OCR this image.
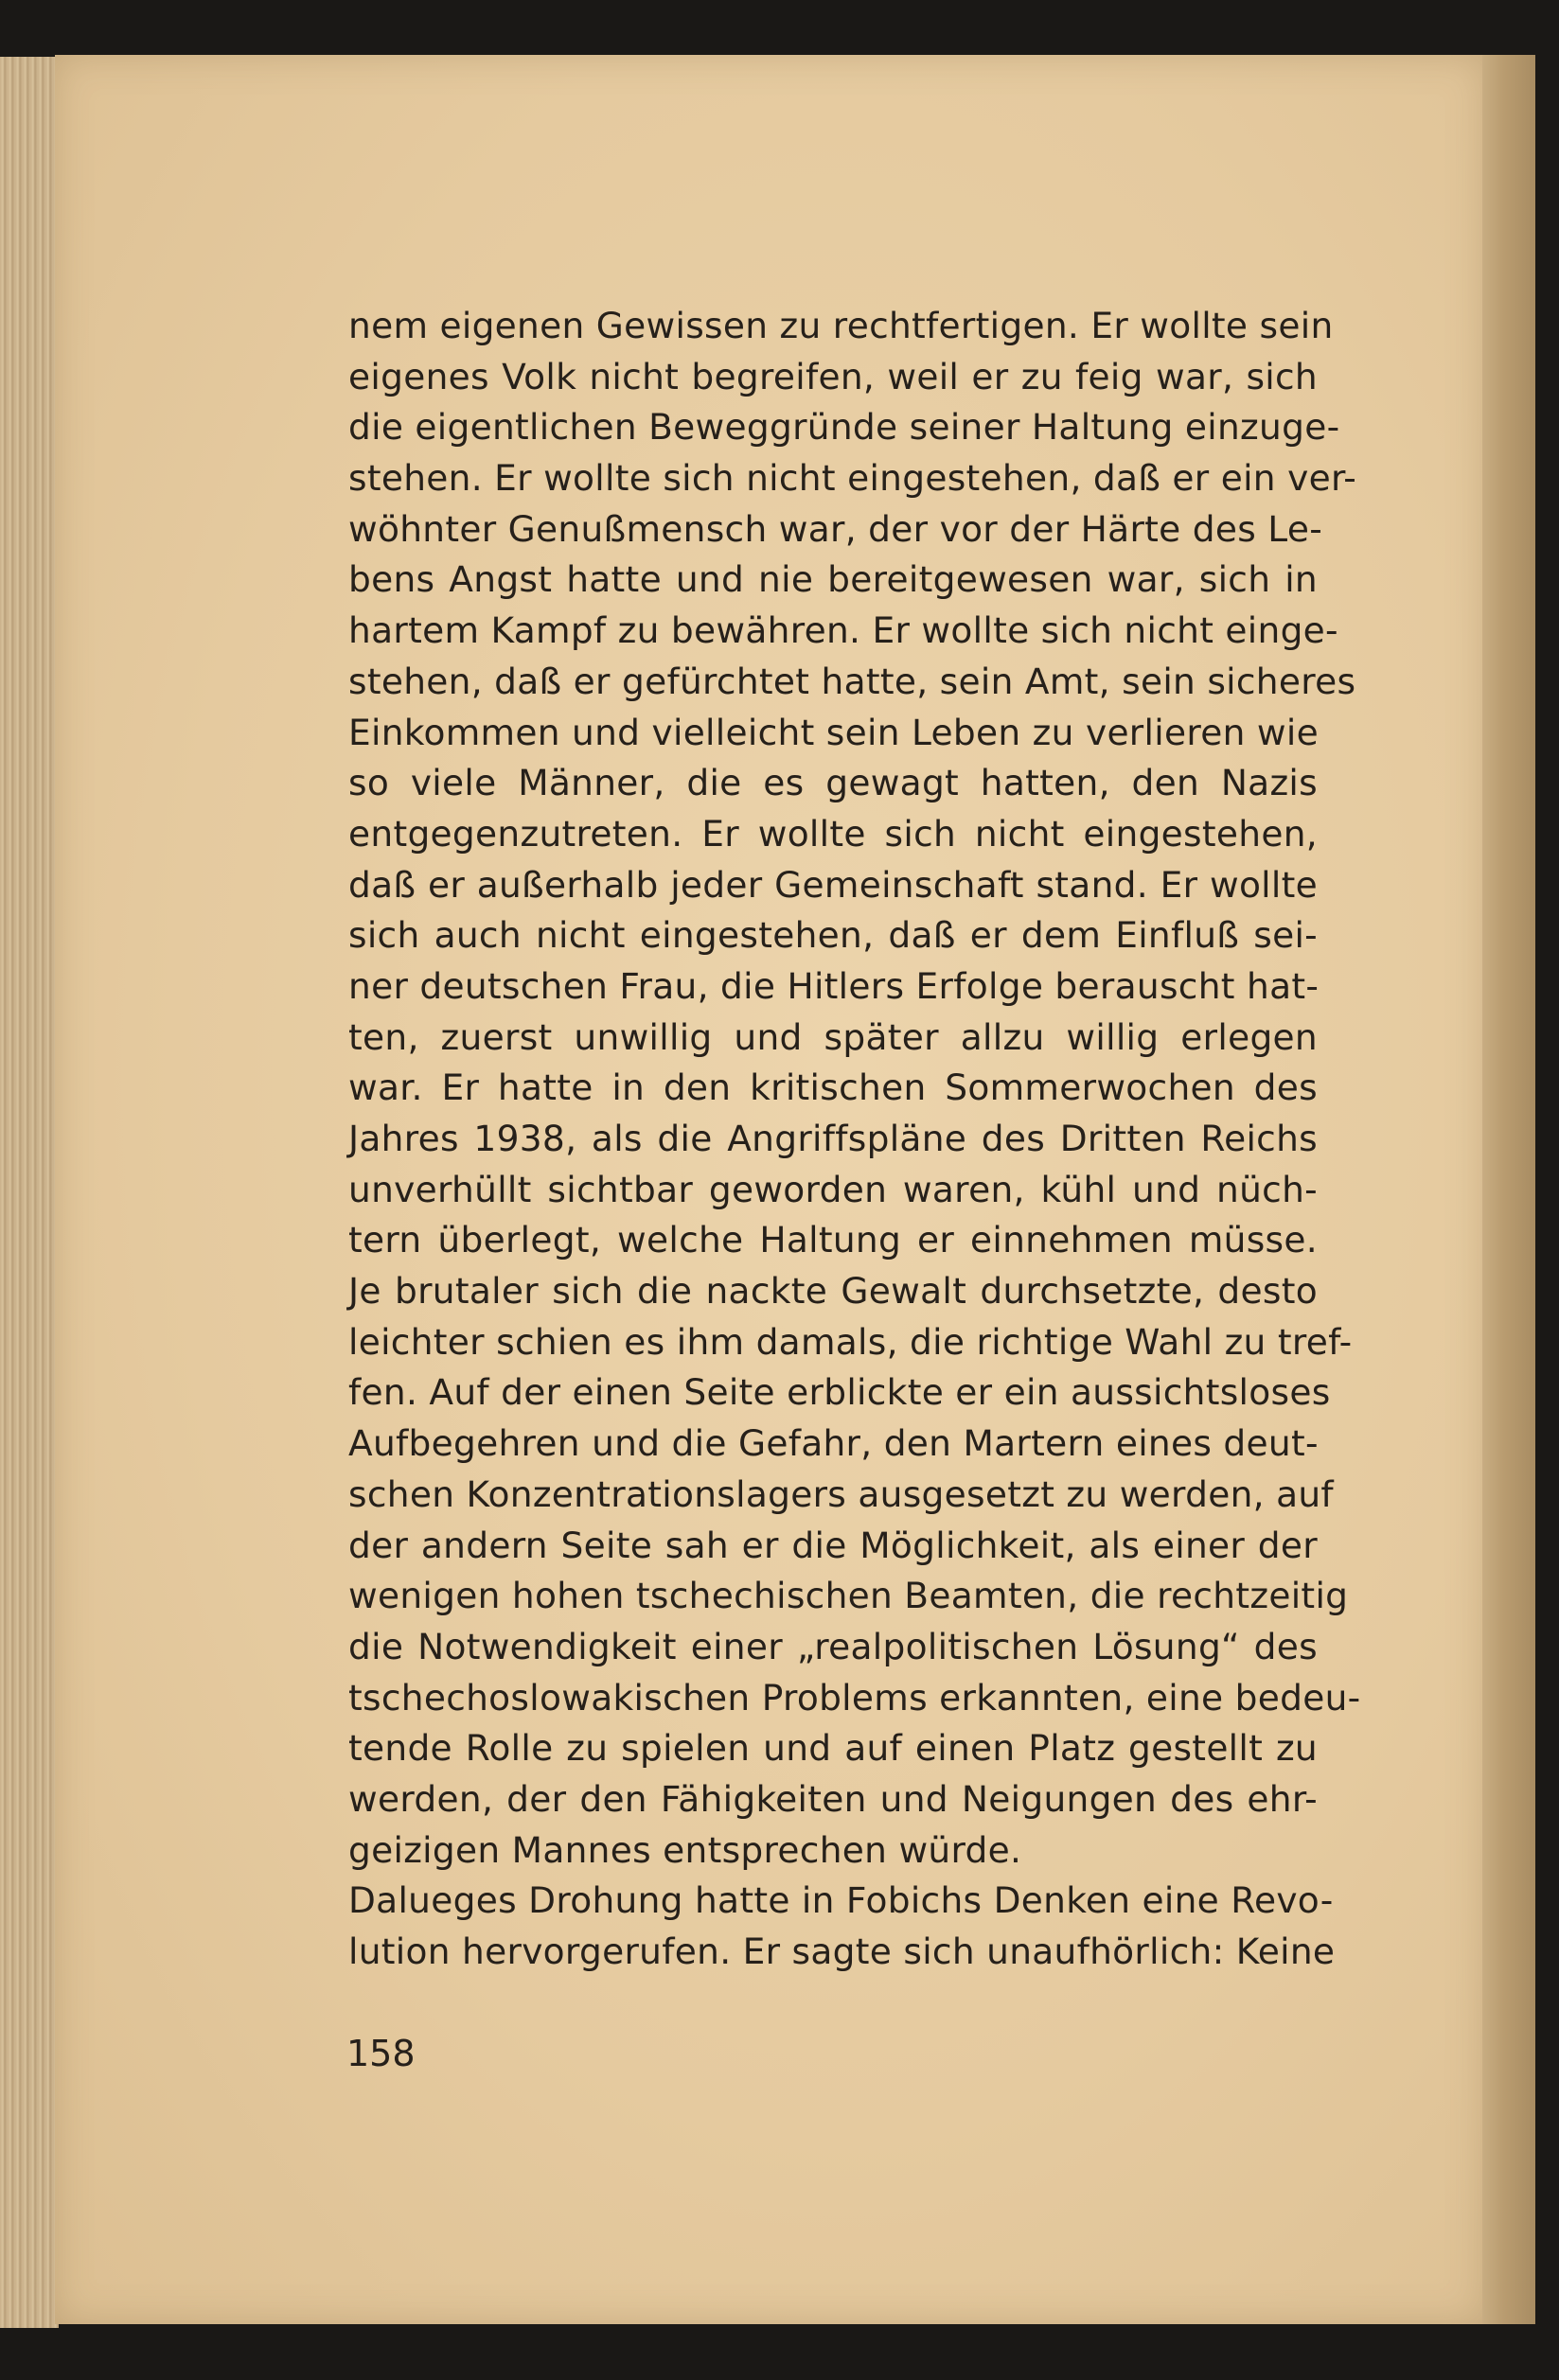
nem eigenen Gewissen zu rechtfertigen. Er wollte sein
eigenes Volk nicht begreifen, weil er zu feig war, sich
die eigentlichen Beweggründe seiner Haltung einzuge-
stehen. Er wollte sich nicht eingestehen, daß er ein ver-
wöhnter Genußmensch war, der vor der Härte des Le-
bens Angst hatte und nie bereitgewesen war, sich in
hartem Kampf zu bewähren. Er wollte sich nicht einge-
stehen, daß er gefürchtet hatte, sein Amt, sein sicheres
Einkommen und vielleicht sein Leben zu verlieren wie
so viele Männer, die es gewagt hatten, den Nazis
entgegenzutreten. Er wollte sich nicht eingestehen,
daß er außerhalb jeder Gemeinschaft stand. Er wollte
sich auch nicht eingestehen, daß er dem Einfluß sei-
ner deutschen Frau, die Hitlers Erfolge berauscht hat-
ten, zuerst unwillig und später allzu willig erlegen
war. Er hatte in den kritischen Sommerwochen des
Jahres 1938, als die Angriffspläne des Dritten Reichs
unverhüllt sichtbar geworden waren, kühl und nüch-
tern überlegt, welche Haltung er einnehmen müsse.
Je brutaler sich die nackte Gewalt durchsetzte, desto
leichter schien es ihm damals, die richtige Wahl zu tref-
fen. Auf der einen Seite erblickte er ein aussichtsloses
Aufbegehren und die Gefahr, den Martern eines deut-
schen Konzentrationslagers ausgesetzt zu werden, auf
der andern Seite sah er die Möglichkeit, als einer der
wenigen hohen tschechischen Beamten, die rechtzeitig
die Notwendigkeit einer „realpolitischen Lösung“ des
tschechoslowakischen Problems erkannten, eine bedeu-
tende Rolle zu spielen und auf einen Platz gestellt zu
werden, der den Fähigkeiten und Neigungen des ehr-
geizigen Mannes entsprechen würde.
Dalueges Drohung hatte in Fobichs Denken eine Revo-
lution hervorgerufen. Er sagte sich unaufhörlich: Keine
158
